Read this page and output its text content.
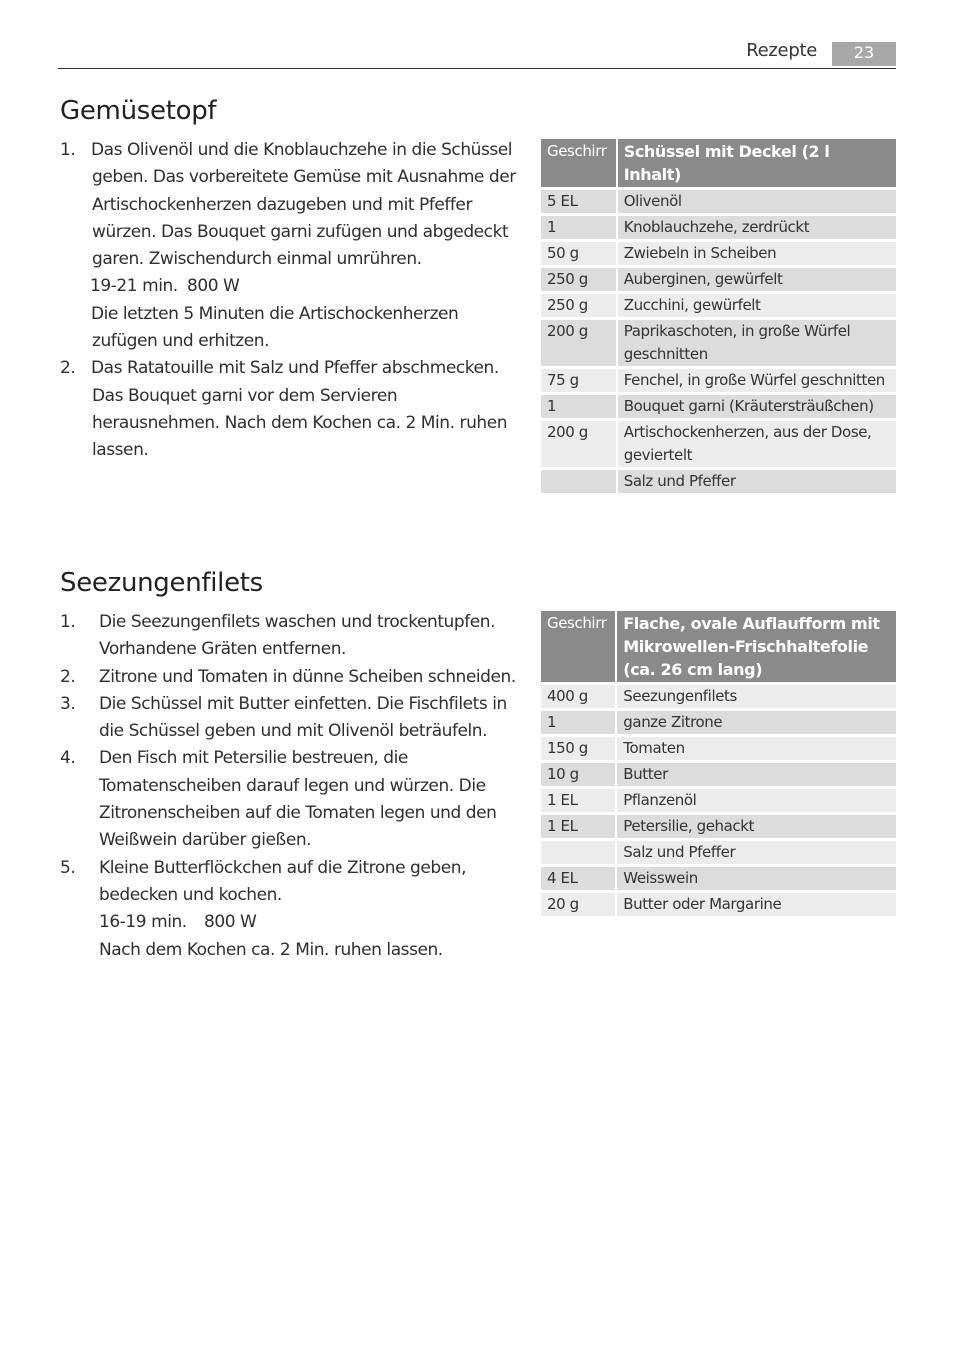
Rezepte	23
Gemüsetopf
1. Das Olivenöl und die Knoblauchzehe in die Schüssel geben. Das vorbereitete Gemüse mit Ausnahme der Artischockenherzen dazugeben und mit Pfeffer würzen. Das Bouquet garni zufügen und abgedeckt garen. Zwischendurch einmal umrühren.
19-21 min. 800 W
Die letzten 5 Minuten die Artischockenherzen zufügen und erhitzen.
2. Das Ratatouille mit Salz und Pfeffer abschmecken. Das Bouquet garni vor dem Servieren herausnehmen. Nach dem Kochen ca. 2 Min. ruhen lassen.
Geschirr	Schüssel mit Deckel (2 l Inhalt)
5 EL	Olivenöl
1	Knoblauchzehe, zerdrückt
50 g	Zwiebeln in Scheiben
250 g	Auberginen, gewürfelt
250 g	Zucchini, gewürfelt
200 g	Paprikaschoten, in große Würfel geschnitten
75 g	Fenchel, in große Würfel geschnitten
1	Bouquet garni (Kräutersträußchen)
200 g	Artischockenherzen, aus der Dose, geviertelt
	Salz und Pfeffer
Seezungenfilets
1.	Die Seezungenfilets waschen und trockentupfen. Vorhandene Gräten entfernen.
2.	Zitrone und Tomaten in dünne Scheiben schneiden.
3.	Die Schüssel mit Butter einfetten. Die Fischfilets in die Schüssel geben und mit Olivenöl beträufeln.
4.	Den Fisch mit Petersilie bestreuen, die Tomatenscheiben darauf legen und würzen. Die Zitronenscheiben auf die Tomaten legen und den Weißwein darüber gießen.
5.	Kleine Butterflöckchen auf die Zitrone geben, bedecken und kochen.
16-19 min. 800 W
Nach dem Kochen ca. 2 Min. ruhen lassen.
Geschirr	Flache, ovale Auflaufform mit Mikrowellen-Frischhaltefolie (ca. 26 cm lang)
400 g	Seezungenfilets
1	ganze Zitrone
150 g	Tomaten
10 g	Butter
1 EL	Pflanzenöl
1 EL	Petersilie, gehackt
	Salz und Pfeffer
4 EL	Weisswein
20 g	Butter oder Margarine
